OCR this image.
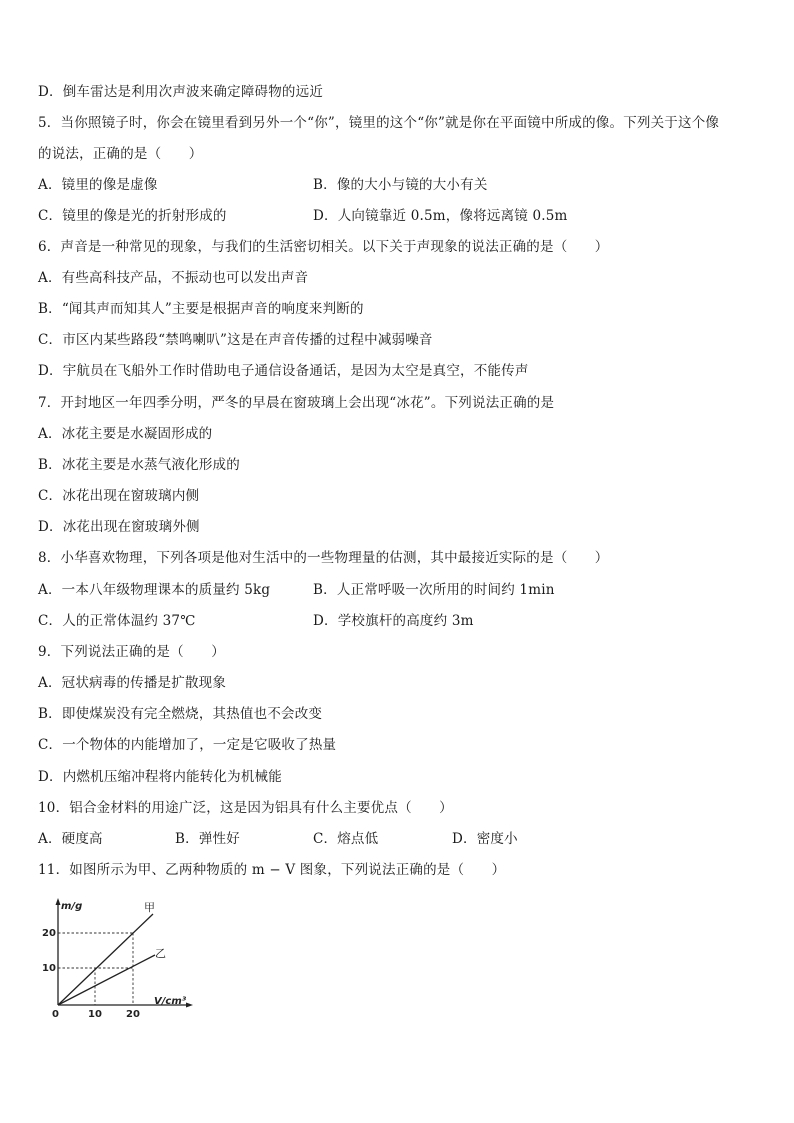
D．倒车雷达是利用次声波来确定障碍物的远近
5．当你照镜子时，你会在镜里看到另外一个“你”，镜里的这个“你”就是你在平面镜中所成的像。下列关于这个像
的说法，正确的是（　　）
A．镜里的像是虚像	B．像的大小与镜的大小有关
C．镜里的像是光的折射形成的	D．人向镜靠近 0.5m，像将远离镜 0.5m
6．声音是一种常见的现象，与我们的生活密切相关。以下关于声现象的说法正确的是（　　）
A．有些高科技产品，不振动也可以发出声音
B．“闻其声而知其人”主要是根据声音的响度来判断的
C．市区内某些路段“禁鸣喇叭”这是在声音传播的过程中减弱噪音
D．宇航员在飞船外工作时借助电子通信设备通话，是因为太空是真空，不能传声
7．开封地区一年四季分明，严冬的早晨在窗玻璃上会出现“冰花”。下列说法正确的是
A．冰花主要是水凝固形成的
B．冰花主要是水蒸气液化形成的
C．冰花出现在窗玻璃内侧
D．冰花出现在窗玻璃外侧
8．小华喜欢物理，下列各项是他对生活中的一些物理量的估测，其中最接近实际的是（　　）
A．一本八年级物理课本的质量约 5kg	B．人正常呼吸一次所用的时间约 1min
C．人的正常体温约 37℃	D．学校旗杆的高度约 3m
9．下列说法正确的是（　　）
A．冠状病毒的传播是扩散现象
B．即使煤炭没有完全燃烧，其热值也不会改变
C．一个物体的内能增加了，一定是它吸收了热量
D．内燃机压缩冲程将内能转化为机械能
10．铝合金材料的用途广泛，这是因为铝具有什么主要优点（　　）
A．硬度高	B．弹性好	C．熔点低	D．密度小
11．如图所示为甲、乙两种物质的 m − V 图象，下列说法正确的是（　　）
m/g
V/cm³
0	10 20
10
20
甲
乙
